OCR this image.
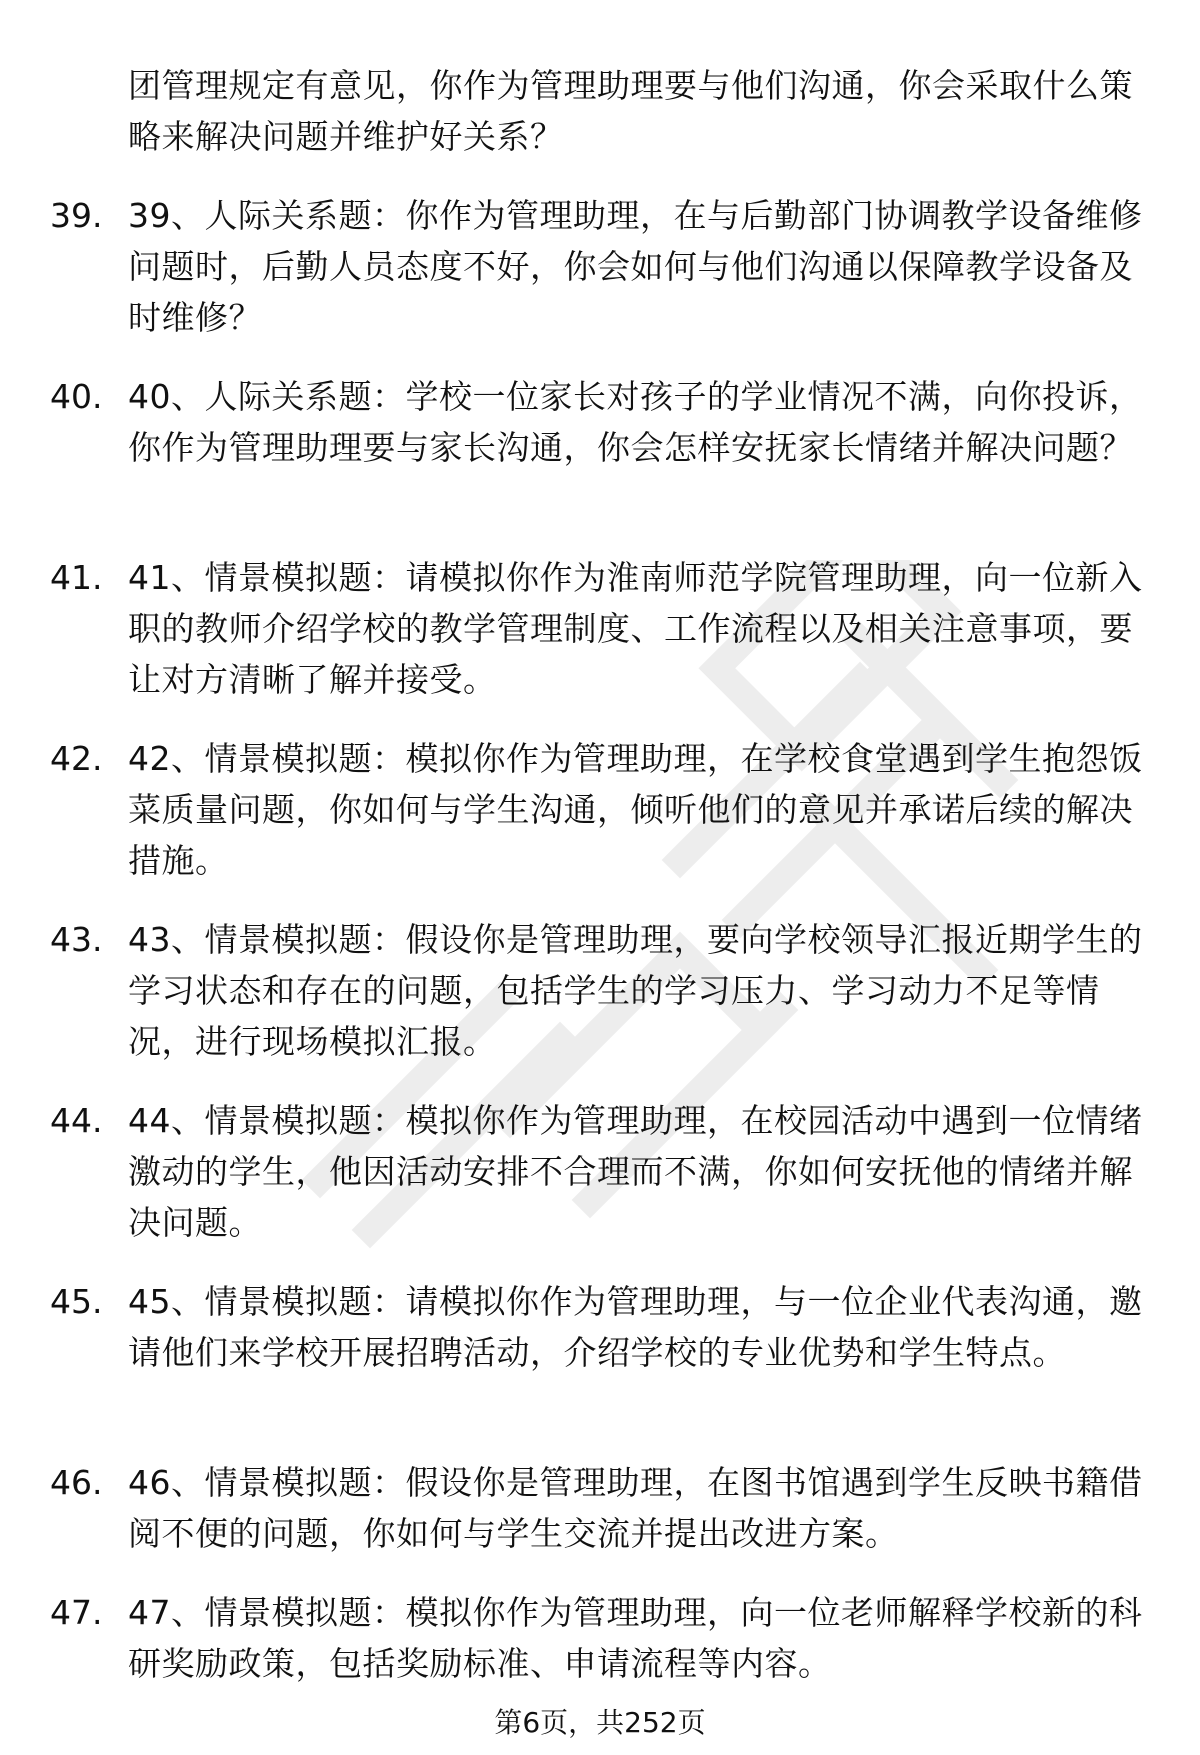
团管理规定有意见，你作为管理助理要与他们沟通，你会采取什么策略来解决问题并维护好关系？
39. 39、人际关系题：你作为管理助理，在与后勤部门协调教学设备维修问题时，后勤人员态度不好，你会如何与他们沟通以保障教学设备及时维修？
40. 40、人际关系题：学校一位家长对孩子的学业情况不满，向你投诉，你作为管理助理要与家长沟通，你会怎样安抚家长情绪并解决问题？
41. 41、情景模拟题：请模拟你作为淮南师范学院管理助理，向一位新入职的教师介绍学校的教学管理制度、工作流程以及相关注意事项，要让对方清晰了解并接受。
42. 42、情景模拟题：模拟你作为管理助理，在学校食堂遇到学生抱怨饭菜质量问题，你如何与学生沟通，倾听他们的意见并承诺后续的解决措施。
43. 43、情景模拟题：假设你是管理助理，要向学校领导汇报近期学生的学习状态和存在的问题，包括学生的学习压力、学习动力不足等情况，进行现场模拟汇报。
44. 44、情景模拟题：模拟你作为管理助理，在校园活动中遇到一位情绪激动的学生，他因活动安排不合理而不满，你如何安抚他的情绪并解决问题。
45. 45、情景模拟题：请模拟你作为管理助理，与一位企业代表沟通，邀请他们来学校开展招聘活动，介绍学校的专业优势和学生特点。
46. 46、情景模拟题：假设你是管理助理，在图书馆遇到学生反映书籍借阅不便的问题，你如何与学生交流并提出改进方案。
47. 47、情景模拟题：模拟你作为管理助理，向一位老师解释学校新的科研奖励政策，包括奖励标准、申请流程等内容。
第6页，共252页
